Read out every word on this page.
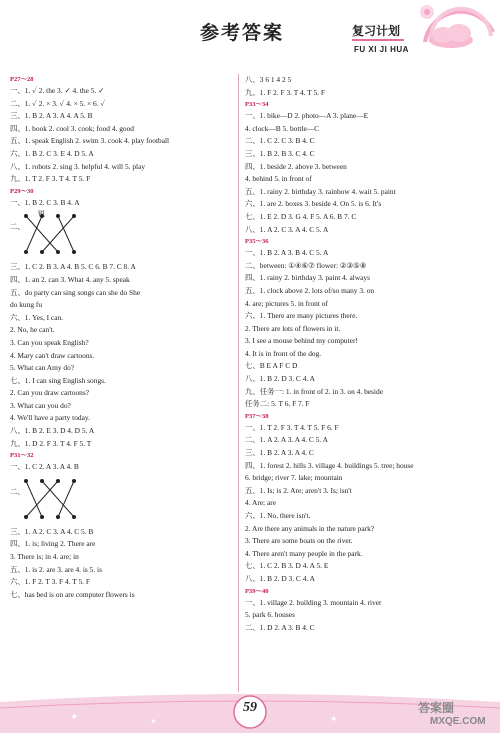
参考答案	复习计划
FU XI JI HUA
P27～28
一、1. ✓ 2. the 3. ✓ 4. the 5. ✓
二、1. ✓ 2. × 3. ✓ 4. × 5. × 6. ✓
三、1. B 2. A 3. A 4. A 5. B
四、1. book 2. cool 3. cook; food 4. good
五、1. speak English 2. swim 3. cook 4. play football
六、1. B 2. C 3. E 4. D 5. A
八、1. robots 2. sing 3. helpful 4. will 5. play
九、1. T 2. F 3. T 4. T 5. F
P29～30
一、1. B 2. C 3. B 4. A
二、
锐
三、1. C 2. B 3. A 4. B 5. C 6. B 7. C 8. A
四、1. an 2. can 3. What 4. any 5. speak
五、do party can sing songs can she do She
do kung fu
六、1. Yes, I can.
2. No, he can't.
3. Can you speak English?
4. Mary can't draw cartoons.
5. What can Amy do?
七、1. I can sing English songs.
2. Can you draw cartoons?
3. What can you do?
4. We'll have a party today.
八、1. B 2. E 3. D 4. D 5. A
九、1. D 2. F 3. T 4. F 5. T
P31～32
一、1. C 2. A 3. A 4. B
二、
三、1. A 2. C 3. A 4. C 5. B
四、1. is; living 2. There are
3. There is; in 4. are; in
五、1. is 2. are 3. are 4. is 5. is
六、1. F 2. T 3. F 4. T 5. F
七、has bed is on are computer flowers is
八、3 6 1 4 2 5
九、1. F 2. F 3. T 4. T 5. F
P33～34
一、1. bike—D 2. photo—A 3. plane—E
4. clock—B 5. bottle—C
二、1. C 2. C 3. B 4. C
三、1. B 2. B 3. C 4. C
四、1. beside 2. above 3. between
4. behind 5. in front of
五、1. rainy 2. birthday 3. rainbow 4. wait 5. paint
六、1. are 2. boxes 3. beside 4. On 5. is 6. It's
七、1. E 2. D 3. G 4. F 5. A 6. B 7. C
八、1. A 2. C 3. A 4. C 5. A
P35～36
一、1. B 2. A 3. B 4. C 5. A
二、between: ①④⑥⑦ flower: ②③⑤⑧
四、1. rainy 2. birthday 3. paint 4. always
五、1. clock above 2. lots of/so many 3. on
4. are; pictures 5. in front of
六、1. There are many pictures there.
2. There are lots of flowers in it.
3. I see a mouse behind my computer!
4. It is in front of the dog.
七、B E A F C D
八、1. B 2. D 3. C 4. A
九、任务一: 1. in front of 2. in 3. on 4. beside
任务二: 5. T 6. F 7. F
P37～38
一、1. T 2. F 3. T 4. T 5. F 6. F
二、1. A 2. A 3. A 4. C 5. A
三、1. B 2. A 3. A 4. C
四、1. forest 2. hills 3. village 4. buildings 5. tree; house
6. bridge; river 7. lake; mountain
五、1. Is; is 2. Are; aren't 3. Is; isn't
4. Are; are
六、1. No, there isn't.
2. Are there any animals in the nature park?
3. There are some boats on the river.
4. There aren't many people in the park.
七、1. C 2. B 3. D 4. A 5. E
八、1. B 2. D 3. C 4. A
P39～40
一、1. village 2. building 3. mountain 4. river
5. park 6. houses
二、1. D 2. A 3. B 4. C
✦	✦	✦
59	答案圈
MXQE.COM
